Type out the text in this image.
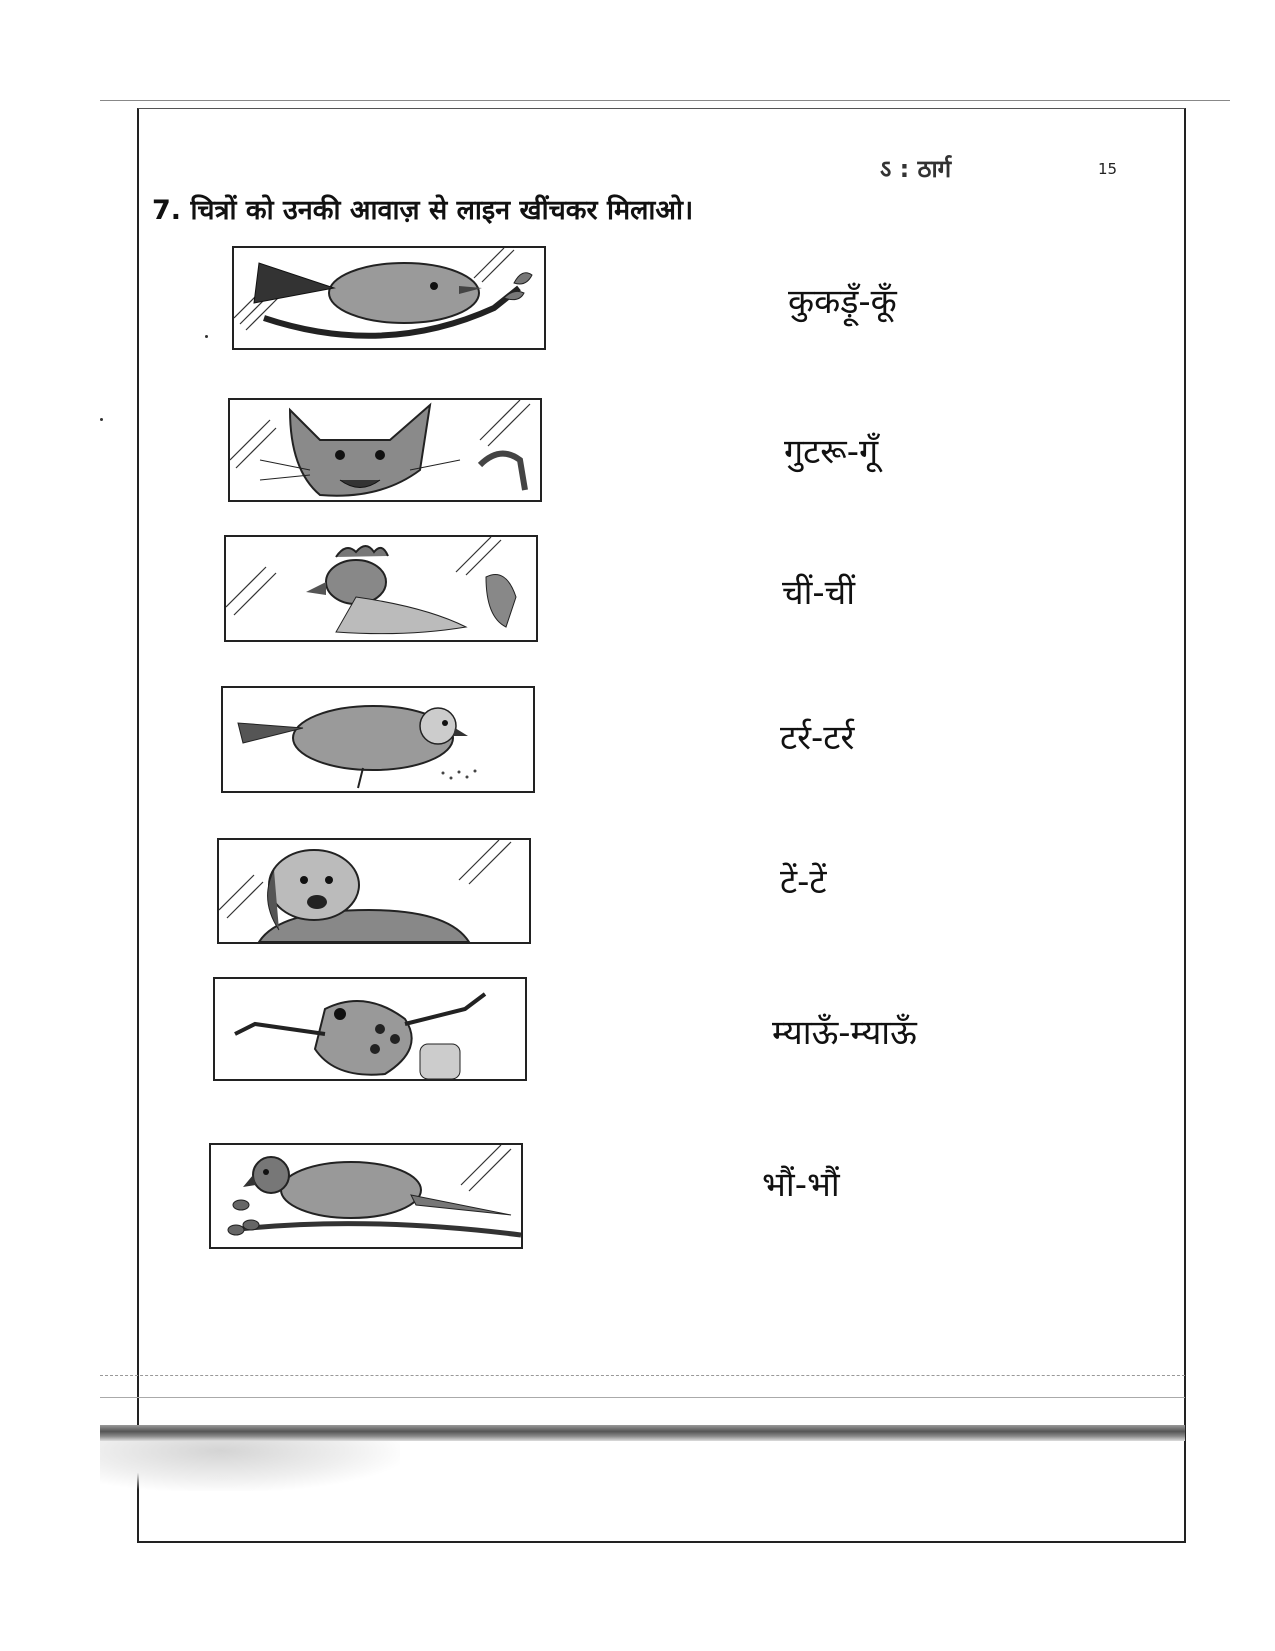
ऽ : ठार्ग	15
7. चित्रों को उनकी आवाज़ से लाइन खींचकर मिलाओ।
कुकड़ूँ-कूँ
गुटरू-गूँ
चीं-चीं
टर्र-टर्र
टें-टें
म्याऊँ-म्याऊँ
भौं-भौं
